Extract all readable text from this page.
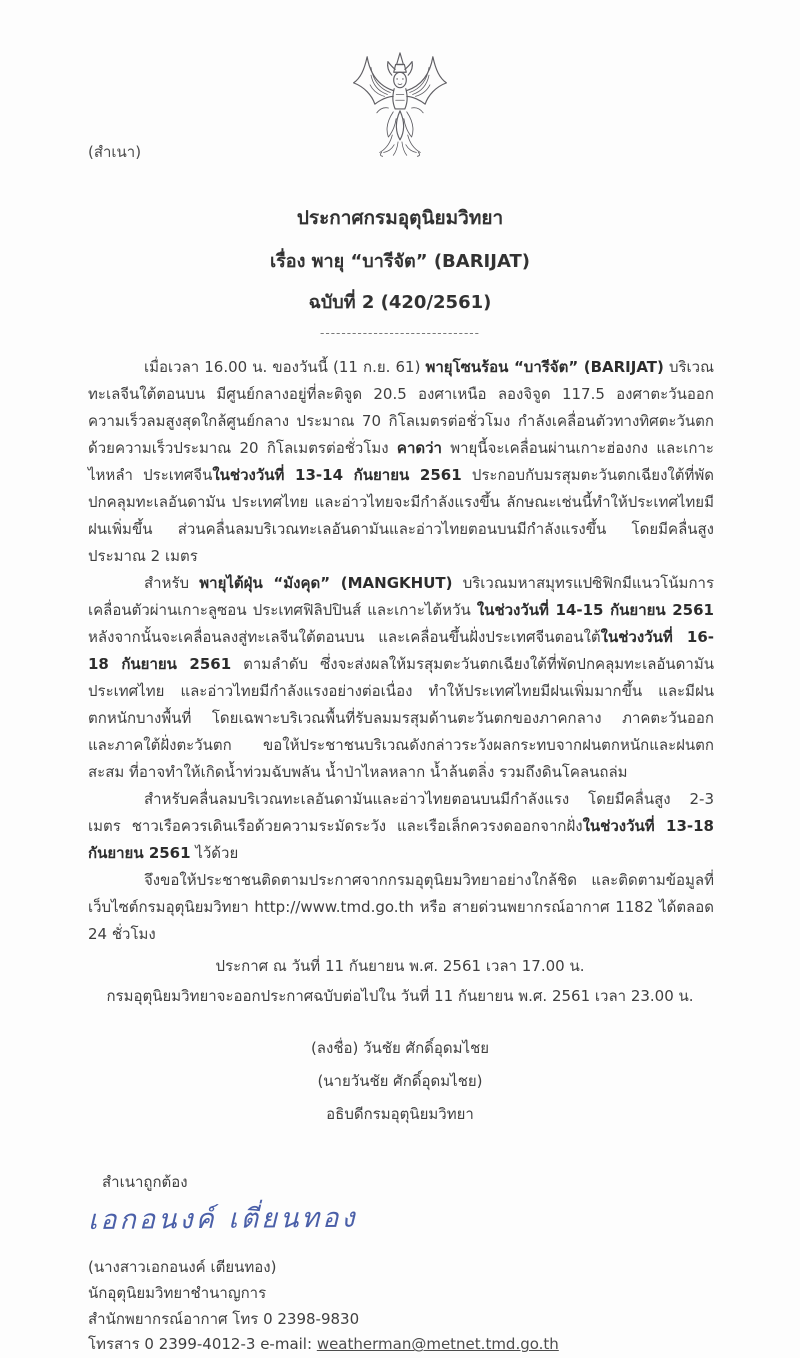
(สำเนา)
ประกาศกรมอุตุนิยมวิทยา
เรื่อง พายุ “บารีจัต” (BARIJAT)
ฉบับที่ 2 (420/2561)
------------------------------

เมื่อเวลา 16.00 น. ของวันนี้ (11 ก.ย. 61) พายุโซนร้อน “บารีจัต” (BARIJAT) บริเวณทะเลจีนใต้ตอนบน มีศูนย์กลางอยู่ที่ละติจูด 20.5 องศาเหนือ ลองจิจูด 117.5 องศาตะวันออก ความเร็วลมสูงสุดใกล้ศูนย์กลาง ประมาณ 70 กิโลเมตรต่อชั่วโมง กำลังเคลื่อนตัวทางทิศตะวันตก ด้วยความเร็วประมาณ 20 กิโลเมตรต่อชั่วโมง คาดว่า พายุนี้จะเคลื่อนผ่านเกาะฮ่องกง และเกาะไหหลำ ประเทศจีนในช่วงวันที่ 13-14 กันยายน 2561 ประกอบกับมรสุมตะวันตกเฉียงใต้ที่พัดปกคลุมทะเลอันดามัน ประเทศไทย และอ่าวไทยจะมีกำลังแรงขึ้น ลักษณะเช่นนี้ทำให้ประเทศไทยมีฝนเพิ่มขึ้น ส่วนคลื่นลมบริเวณทะเลอันดามันและอ่าวไทยตอนบนมีกำลังแรงขึ้น โดยมีคลื่นสูงประมาณ 2 เมตร

สำหรับ พายุไต้ฝุ่น “มังคุด” (MANGKHUT) บริเวณมหาสมุทรแปซิฟิกมีแนวโน้มการเคลื่อนตัวผ่านเกาะลูซอน ประเทศฟิลิปปินส์ และเกาะไต้หวัน ในช่วงวันที่ 14-15 กันยายน 2561 หลังจากนั้นจะเคลื่อนลงสู่ทะเลจีนใต้ตอนบน และเคลื่อนขึ้นฝั่งประเทศจีนตอนใต้ในช่วงวันที่ 16-18 กันยายน 2561 ตามลำดับ ซึ่งจะส่งผลให้มรสุมตะวันตกเฉียงใต้ที่พัดปกคลุมทะเลอันดามัน ประเทศไทย และอ่าวไทยมีกำลังแรงอย่างต่อเนื่อง ทำให้ประเทศไทยมีฝนเพิ่มมากขึ้น และมีฝนตกหนักบางพื้นที่ โดยเฉพาะบริเวณพื้นที่รับลมมรสุมด้านตะวันตกของภาคกลาง ภาคตะวันออก และภาคใต้ฝั่งตะวันตก ขอให้ประชาชนบริเวณดังกล่าวระวังผลกระทบจากฝนตกหนักและฝนตกสะสม ที่อาจทำให้เกิดน้ำท่วมฉับพลัน น้ำป่าไหลหลาก น้ำล้นตลิ่ง รวมถึงดินโคลนถล่ม

สำหรับคลื่นลมบริเวณทะเลอันดามันและอ่าวไทยตอนบนมีกำลังแรง โดยมีคลื่นสูง 2-3 เมตร ชาวเรือควรเดินเรือด้วยความระมัดระวัง และเรือเล็กควรงดออกจากฝั่งในช่วงวันที่ 13-18 กันยายน 2561 ไว้ด้วย

จึงขอให้ประชาชนติดตามประกาศจากกรมอุตุนิยมวิทยาอย่างใกล้ชิด และติดตามข้อมูลที่เว็บไซต์กรมอุตุนิยมวิทยา http://www.tmd.go.th หรือ สายด่วนพยากรณ์อากาศ 1182 ได้ตลอด 24 ชั่วโมง

ประกาศ ณ วันที่ 11 กันยายน พ.ศ. 2561 เวลา 17.00 น.
กรมอุตุนิยมวิทยาจะออกประกาศฉบับต่อไปใน วันที่ 11 กันยายน พ.ศ. 2561 เวลา 23.00 น.
(ลงชื่อ) วันชัย ศักดิ์อุดมไชย
(นายวันชัย ศักดิ์อุดมไชย)
อธิบดีกรมอุตุนิยมวิทยา
สำเนาถูกต้อง
เอกอนงค์ เตี่ยนทอง
(นางสาวเอกอนงค์ เตียนทอง)
นักอุตุนิยมวิทยาชำนาญการ
สำนักพยากรณ์อากาศ โทร 0 2398-9830
โทรสาร 0 2399-4012-3 e-mail: weatherman@metnet.tmd.go.th
